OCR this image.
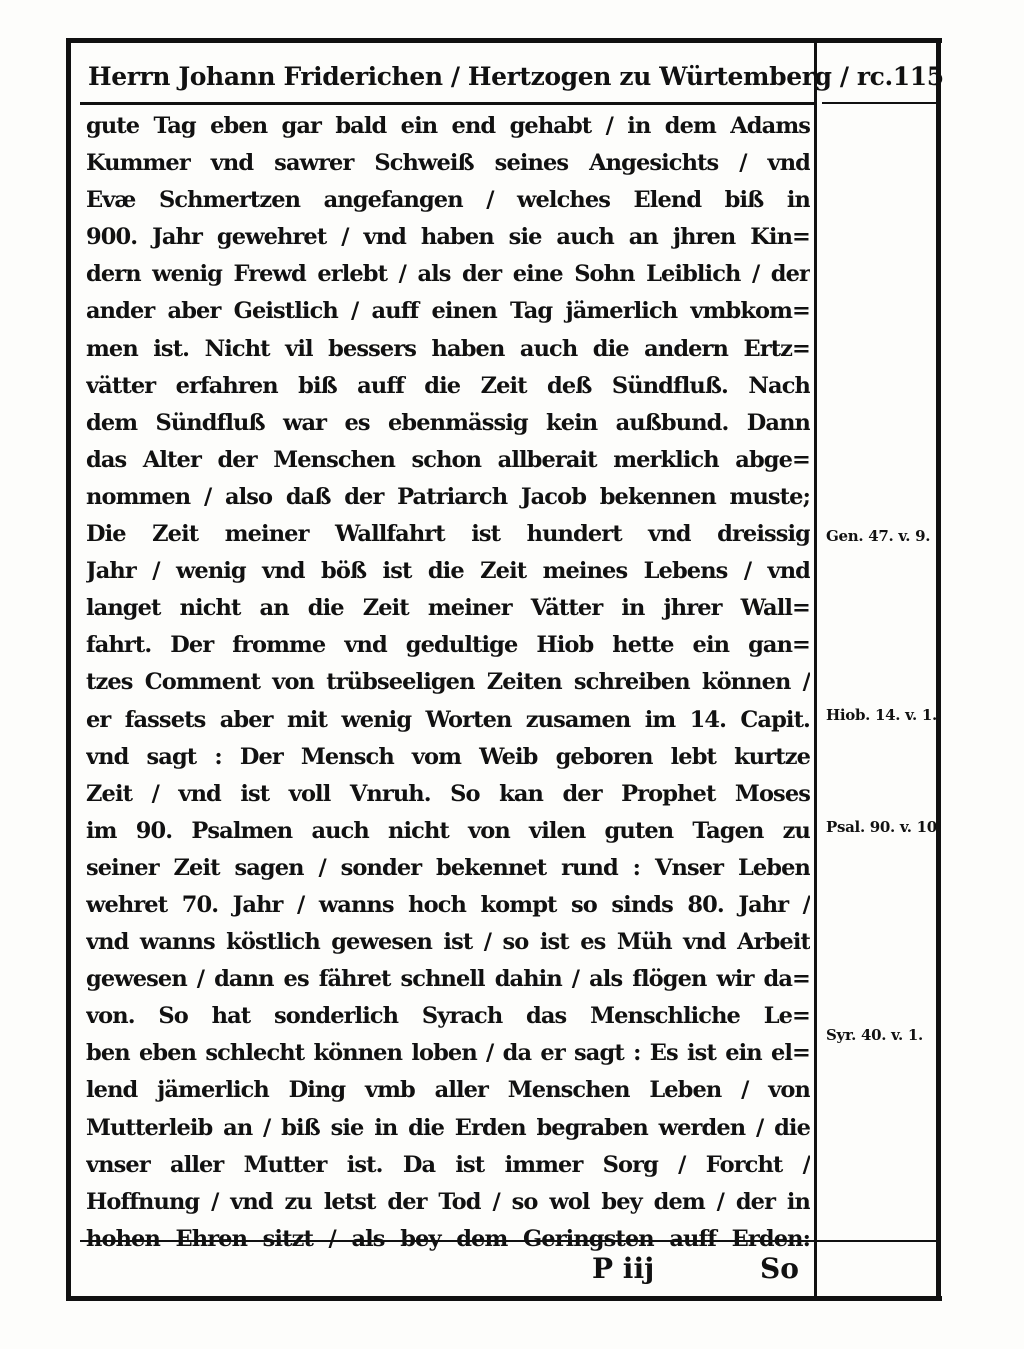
Herrn Johann Friderichen / Hertzogen zu Würtemberg / rc. 115
gute Tag eben gar bald ein end gehabt / in dem Adams
Kummer vnd sawrer Schweiß seines Angesichts / vnd
Evæ Schmertzen angefangen / welches Elend biß in
900. Jahr gewehret / vnd haben sie auch an jhren Kin=
dern wenig Frewd erlebt / als der eine Sohn Leiblich / der
ander aber Geistlich / auff einen Tag jämerlich vmbkom=
men ist. Nicht vil bessers haben auch die andern Ertz=
vätter erfahren biß auff die Zeit deß Sündfluß. Nach
dem Sündfluß war es ebenmässig kein außbund. Dann
das Alter der Menschen schon allberait merklich abge=
nommen / also daß der Patriarch Jacob bekennen muste;
Die Zeit meiner Wallfahrt ist hundert vnd dreissig
Jahr / wenig vnd böß ist die Zeit meines Lebens / vnd
langet nicht an die Zeit meiner Vätter in jhrer Wall=
fahrt. Der fromme vnd gedultige Hiob hette ein gan=
tzes Comment von trübseeligen Zeiten schreiben können /
er fassets aber mit wenig Worten zusamen im 14. Capit.
vnd sagt : Der Mensch vom Weib geboren lebt kurtze
Zeit / vnd ist voll Vnruh. So kan der Prophet Moses
im 90. Psalmen auch nicht von vilen guten Tagen zu
seiner Zeit sagen / sonder bekennet rund : Vnser Leben
wehret 70. Jahr / wanns hoch kompt so sinds 80. Jahr /
vnd wanns köstlich gewesen ist / so ist es Müh vnd Arbeit
gewesen / dann es fähret schnell dahin / als flögen wir da=
von. So hat sonderlich Syrach das Menschliche Le=
ben eben schlecht können loben / da er sagt : Es ist ein el=
lend jämerlich Ding vmb aller Menschen Leben / von
Mutterleib an / biß sie in die Erden begraben werden / die
vnser aller Mutter ist. Da ist immer Sorg / Forcht /
Hoffnung / vnd zu letst der Tod / so wol bey dem / der in
hohen Ehren sitzt / als bey dem Geringsten auff Erden:
Gen. 47. v. 9.
Hiob. 14. v. 1.
Psal. 90. v. 10
Syr. 40. v. 1.
P iij	So
